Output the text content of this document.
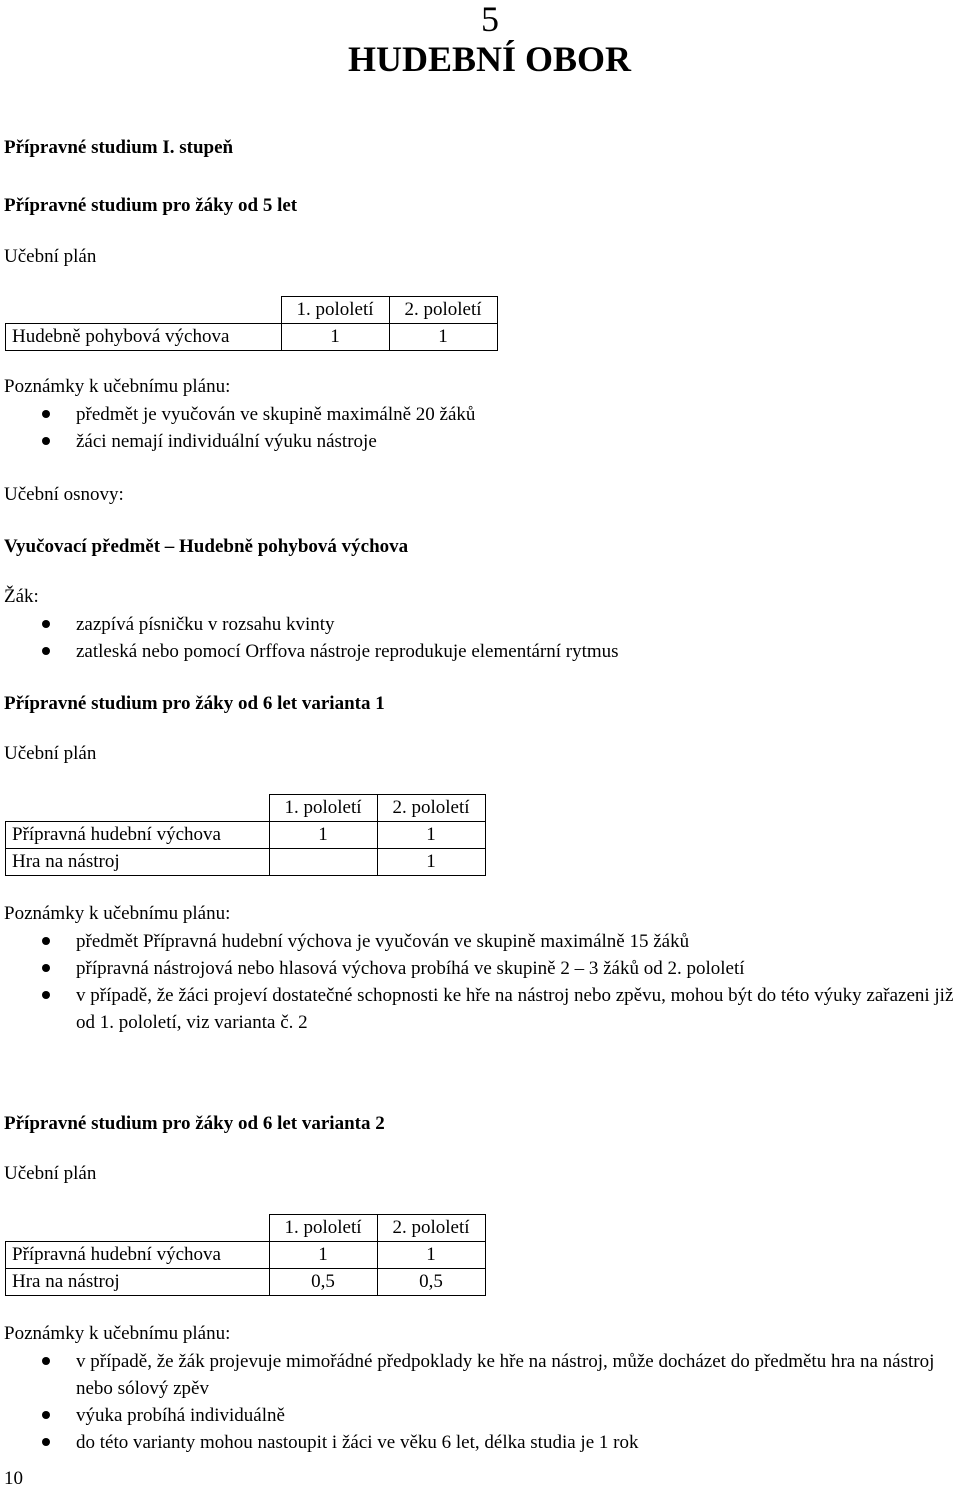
5
HUDEBNÍ OBOR
Přípravné studium I. stupeň
Přípravné studium pro žáky od 5 let
Učební plán
	1. pololetí	2. pololetí
Hudebně pohybová výchova	1	1
Poznámky k učebnímu plánu:
předmět je vyučován ve skupině maximálně 20 žáků
žáci nemají individuální výuku nástroje
Učební osnovy:
Vyučovací předmět – Hudebně pohybová výchova
Žák:
zazpívá písničku v rozsahu kvinty
zatleská nebo pomocí Orffova nástroje reprodukuje elementární rytmus
Přípravné studium pro žáky od 6 let varianta 1
Učební plán
	1. pololetí	2. pololetí
Přípravná hudební výchova	1	1
Hra na nástroj		1
Poznámky k učebnímu plánu:
předmět Přípravná hudební výchova je vyučován ve skupině maximálně 15 žáků
přípravná nástrojová nebo hlasová výchova probíhá ve skupině 2 – 3 žáků od 2. pololetí
v případě, že žáci projeví dostatečné schopnosti ke hře na nástroj nebo zpěvu, mohou být do této výuky zařazeni již od 1. pololetí, viz varianta č. 2
Přípravné studium pro žáky od 6 let varianta 2
Učební plán
	1. pololetí	2. pololetí
Přípravná hudební výchova	1	1
Hra na nástroj	0,5	0,5
Poznámky k učebnímu plánu:
v případě, že žák projevuje mimořádné předpoklady ke hře na nástroj, může docházet do předmětu hra na nástroj nebo sólový zpěv
výuka probíhá individuálně
do této varianty mohou nastoupit i žáci ve věku 6 let, délka studia je 1 rok
10
